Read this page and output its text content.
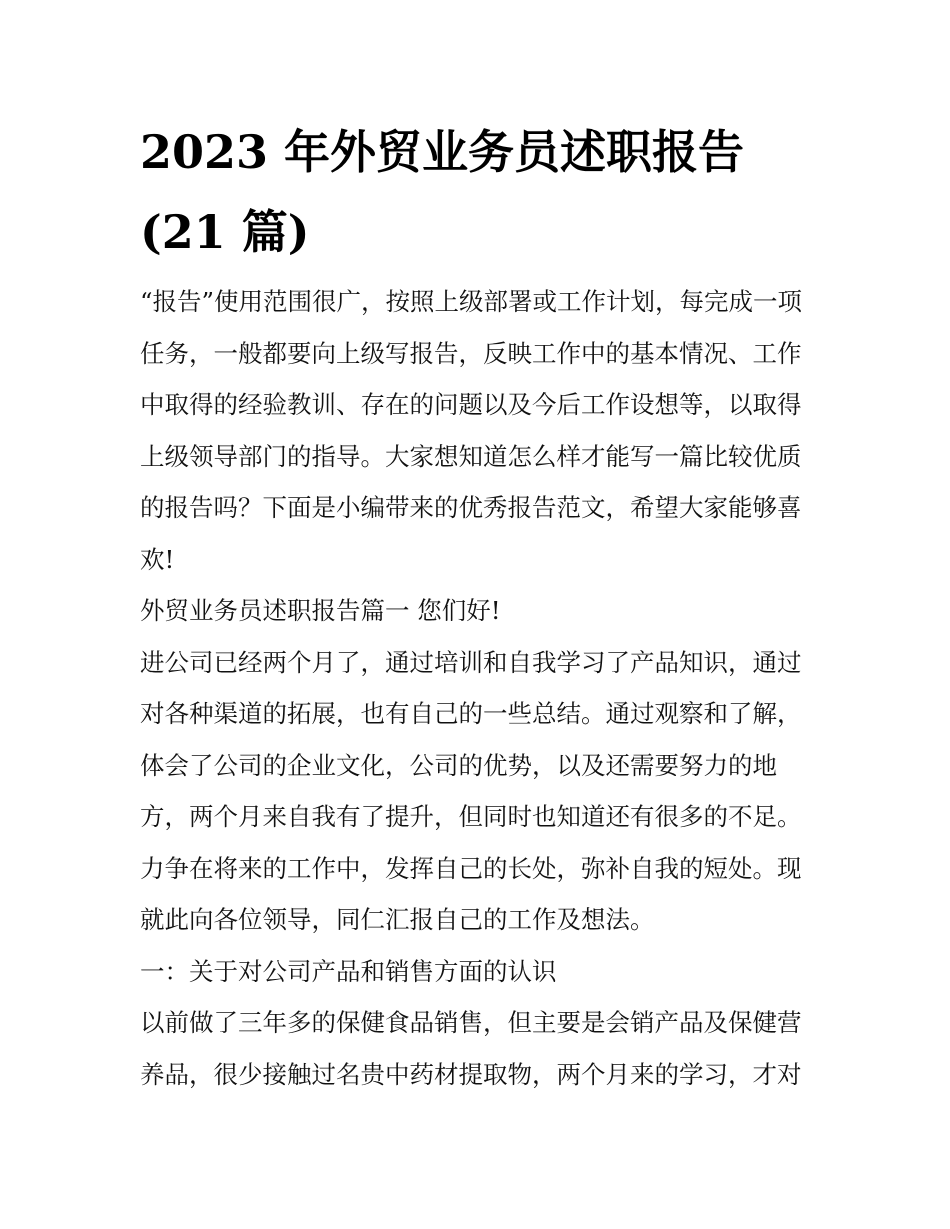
2023 年外贸业务员述职报告
(21 篇)
“报告”使用范围很广，按照上级部署或工作计划，每完成一项
任务，一般都要向上级写报告，反映工作中的基本情况、工作
中取得的经验教训、存在的问题以及今后工作设想等，以取得
上级领导部门的指导。大家想知道怎么样才能写一篇比较优质
的报告吗？下面是小编带来的优秀报告范文，希望大家能够喜
欢!
外贸业务员述职报告篇一 您们好!
进公司已经两个月了，通过培训和自我学习了产品知识，通过
对各种渠道的拓展，也有自己的一些总结。通过观察和了解，
体会了公司的企业文化，公司的优势，以及还需要努力的地
方，两个月来自我有了提升，但同时也知道还有很多的不足。
力争在将来的工作中，发挥自己的长处，弥补自我的短处。现
就此向各位领导，同仁汇报自己的工作及想法。
一：关于对公司产品和销售方面的认识
以前做了三年多的保健食品销售，但主要是会销产品及保健营
养品，很少接触过名贵中药材提取物，两个月来的学习，才对
